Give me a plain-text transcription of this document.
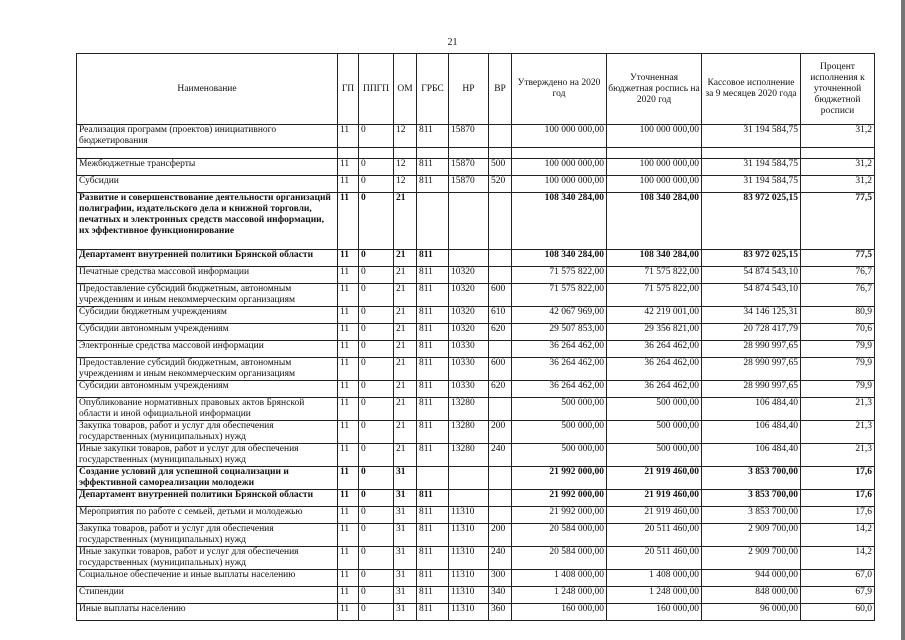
21
Наименование	ГП	ППГП	ОМ	ГРБС	НР	ВР	Утверждено на 2020 год	Уточненная бюджетная роспись на 2020 год	Кассовое исполнение за 9 месяцев 2020 года	Процент исполнения к уточненной бюджетной росписи
Реализация программ (проектов) инициативного бюджетирования	11	0	12	811	15870		100 000 000,00	100 000 000,00	31 194 584,75	31,2

Межбюджетные трансферты	11	0	12	811	15870	500	100 000 000,00	100 000 000,00	31 194 584,75	31,2
Субсидии	11	0	12	811	15870	520	100 000 000,00	100 000 000,00	31 194 584,75	31,2
Развитие и совершенствование деятельности организаций полиграфии, издательского дела и книжной торговли, печатных и электронных средств массовой информации, их эффективное функционирование	11	0	21				108 340 284,00	108 340 284,00	83 972 025,15	77,5
Департамент внутренней политики Брянской области	11	0	21	811			108 340 284,00	108 340 284,00	83 972 025,15	77,5
Печатные средства массовой информации	11	0	21	811	10320		71 575 822,00	71 575 822,00	54 874 543,10	76,7
Предоставление субсидий бюджетным, автономным учреждениям и иным некоммерческим организациям	11	0	21	811	10320	600	71 575 822,00	71 575 822,00	54 874 543,10	76,7
Субсидии бюджетным учреждениям	11	0	21	811	10320	610	42 067 969,00	42 219 001,00	34 146 125,31	80,9
Субсидии автономным учреждениям	11	0	21	811	10320	620	29 507 853,00	29 356 821,00	20 728 417,79	70,6
Электронные средства массовой информации	11	0	21	811	10330		36 264 462,00	36 264 462,00	28 990 997,65	79,9
Предоставление субсидий бюджетным, автономным учреждениям и иным некоммерческим организациям	11	0	21	811	10330	600	36 264 462,00	36 264 462,00	28 990 997,65	79,9
Субсидии автономным учреждениям	11	0	21	811	10330	620	36 264 462,00	36 264 462,00	28 990 997,65	79,9
Опубликование нормативных правовых актов Брянской области и иной официальной информации	11	0	21	811	13280		500 000,00	500 000,00	106 484,40	21,3
Закупка товаров, работ и услуг для обеспечения государственных (муниципальных) нужд	11	0	21	811	13280	200	500 000,00	500 000,00	106 484,40	21,3
Иные закупки товаров, работ и услуг для обеспечения государственных (муниципальных) нужд	11	0	21	811	13280	240	500 000,00	500 000,00	106 484,40	21,3
Создание условий для успешной социализации и эффективной самореализации молодежи	11	0	31				21 992 000,00	21 919 460,00	3 853 700,00	17,6
Департамент внутренней политики Брянской области	11	0	31	811			21 992 000,00	21 919 460,00	3 853 700,00	17,6
Мероприятия по работе с семьей, детьми и молодежью	11	0	31	811	11310		21 992 000,00	21 919 460,00	3 853 700,00	17,6
Закупка товаров, работ и услуг для обеспечения государственных (муниципальных) нужд	11	0	31	811	11310	200	20 584 000,00	20 511 460,00	2 909 700,00	14,2
Иные закупки товаров, работ и услуг для обеспечения государственных (муниципальных) нужд	11	0	31	811	11310	240	20 584 000,00	20 511 460,00	2 909 700,00	14,2
Социальное обеспечение и иные выплаты населению	11	0	31	811	11310	300	1 408 000,00	1 408 000,00	944 000,00	67,0
Стипендии	11	0	31	811	11310	340	1 248 000,00	1 248 000,00	848 000,00	67,9
Иные выплаты населению	11	0	31	811	11310	360	160 000,00	160 000,00	96 000,00	60,0
